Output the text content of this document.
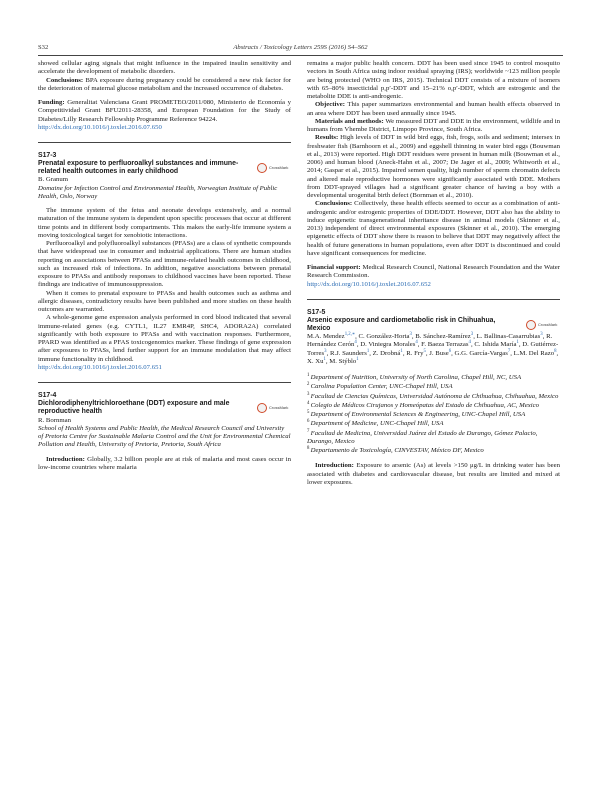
S32	Abstracts / Toxicology Letters 259S (2016) S4–S62

showed cellular aging signals that might influence in the impaired insulin sensitivity and accelerate the development of metabolic disorders.

Conclusions: BPA exposure during pregnancy could be considered a new risk factor for the deterioration of maternal glucose metabolism and the increased occurrence of diabetes.

Funding: Generalitat Valenciana Grant PROMETEO/2011/080, Ministerio de Economía y Competitividad Grant BFU2011-28358, and European Foundation for the Study of Diabetes/Lilly Research Fellowship Programme Reference 94224.

http://dx.doi.org/10.1016/j.toxlet.2016.07.650

S17-3
Prenatal exposure to perfluoroalkyl substances and immune-related health outcomes in early childhood
CrossMark

B. Granum

Domaine for Infection Control and Environmental Health, Norwegian Institute of Public Health, Oslo, Norway

The immune system of the fetus and neonate develops extensively, and a normal maturation of the immune system is dependent upon specific processes that occur at different time points and in different body compartments. This makes the early-life immune system a moving toxicological target for xenobiotic interactions.

Perfluoroalkyl and polyfluoroalkyl substances (PFASs) are a class of synthetic compounds that have widespread use in consumer and industrial applications. There are human studies reporting on associations between PFASs and immune-related health outcomes in childhood, such as increased risk of infections. In addition, negative associations between prenatal exposure to PFASs and antibody responses to childhood vaccines have been reported. These findings are indicative of immunosuppression.

When it comes to prenatal exposure to PFASs and health outcomes such as asthma and allergic diseases, contradictory results have been published and more studies on these health outcomes are warranted.

A whole-genome gene expression analysis performed in cord blood indicated that several immune-related genes (e.g. CYTL1, IL27 EMR4P, SHC4, ADORA2A) correlated significantly with both exposure to PFASs and with vaccination responses. Furthermore, PPARD was identified as a PFAS toxicogenomics marker. These findings of gene expression after exposures to PFASs, lend further support for an immune modulation that may affect immune functionality in childhood.

http://dx.doi.org/10.1016/j.toxlet.2016.07.651

S17-4
Dichlorodiphenyltrichloroethane (DDT) exposure and male reproductive health
CrossMark

R. Bornman

School of Health Systems and Public Health, the Medical Research Council and University of Pretoria Centre for Sustainable Malaria Control and the Unit for Environmental Chemical Pollution and Health, University of Pretoria, Pretoria, South Africa

Introduction: Globally, 3.2 billion people are at risk of malaria and most cases occur in low-income countries where malaria

remains a major public health concern. DDT has been used since 1945 to control mosquito vectors in South Africa using indoor residual spraying (IRS); worldwide ~123 million people are being protected (WHO on IRS, 2015). Technical DDT consists of a mixture of isomers with 65–80% insecticidal p,p′-DDT and 15–21% o,p′-DDT, which are estrogenic and the metabolite DDE is anti-androgenic.

Objective: This paper summarizes environmental and human health effects observed in an area where DDT has been used annually since 1945.

Materials and methods: We measured DDT and DDE in the environment, wildlife and in humans from Vhembe District, Limpopo Province, South Africa.

Results: High levels of DDT in wild bird eggs, fish, frogs, soils and sediment; intersex in freshwater fish (Barnhoorn et al., 2009) and eggshell thinning in water bird eggs (Bouwman et al., 2013) were reported. High DDT residues were present in human milk (Bouwman et al., 2006) and human blood (Aneck-Hahn et al., 2007; De Jager et al., 2009; Whitworth et al., 2014; Gaspar et al., 2015). Impaired semen quality, high number of sperm chromatin defects and altered male reproductive hormones were significantly associated with DDE. Mothers from DDT-sprayed villages had a significant greater chance of having a boy with a developmental urogenital birth defect (Bornman et al., 2010).

Conclusions: Collectively, these health effects seemed to occur as a combination of anti-androgenic and/or estrogenic properties of DDE/DDT. However, DDT also has the ability to induce epigenetic transgenerational inheritance disease in animal models (Skinner et al., 2013) independent of direct environmental exposures (Skinner et al., 2010). The emerging epigenetic effects of DDT show there is reason to believe that DDT may negatively affect the health of future generations in human populations, even after DDT is discontinued and could have significant consequences for medicine.

Financial support: Medical Research Council, National Research Foundation and the Water Research Commission.

http://dx.doi.org/10.1016/j.toxlet.2016.07.652

S17-5
Arsenic exposure and cardiometabolic risk in Chihuahua, Mexico
CrossMark

M.A. Mendez$^{1,2,∗}$, C. González-Horta$^3$, B. Sánchez-Ramírez$^3$, L. Ballinas-Casarrubias$^3$, R. Hernández Cerón$^4$, D. Viniegra Morales$^4$, F. Baeza Terrazas$^4$, C. Ishida María$^1$, D. Gutiérrez-Torres$^3$, R.J. Saunders$^1$, Z. Drobná$^1$, R. Fry$^5$, J. Buse$^6$, G.G. García-Vargas$^7$, L.M. Del Razo$^8$, X. Xu$^1$, M. Stýblo$^1$

$^1$ Department of Nutrition, University of North Carolina, Chapel Hill, NC, USA
$^2$ Carolina Population Center, UNC-Chapel Hill, USA
$^3$ Facultad de Ciencias Químicas, Universidad Autónoma de Chihuahua, Chihuahua, Mexico
$^4$ Colegio de Médicos Cirujanos y Homeópatas del Estado de Chihuahua, AC, Mexico
$^5$ Department of Environmental Sciences & Engineering, UNC-Chapel Hill, USA
$^6$ Department of Medicine, UNC-Chapel Hill, USA
$^7$ Facultad de Medicina, Universidad Juárez del Estado de Durango, Gómez Palacio, Durango, Mexico
$^8$ Departamento de Toxicología, CINVESTAV, México DF, Mexico

Introduction: Exposure to arsenic (As) at levels >150 μg/L in drinking water has been associated with diabetes and cardiovascular disease, but results are limited and mixed at lower exposures.
